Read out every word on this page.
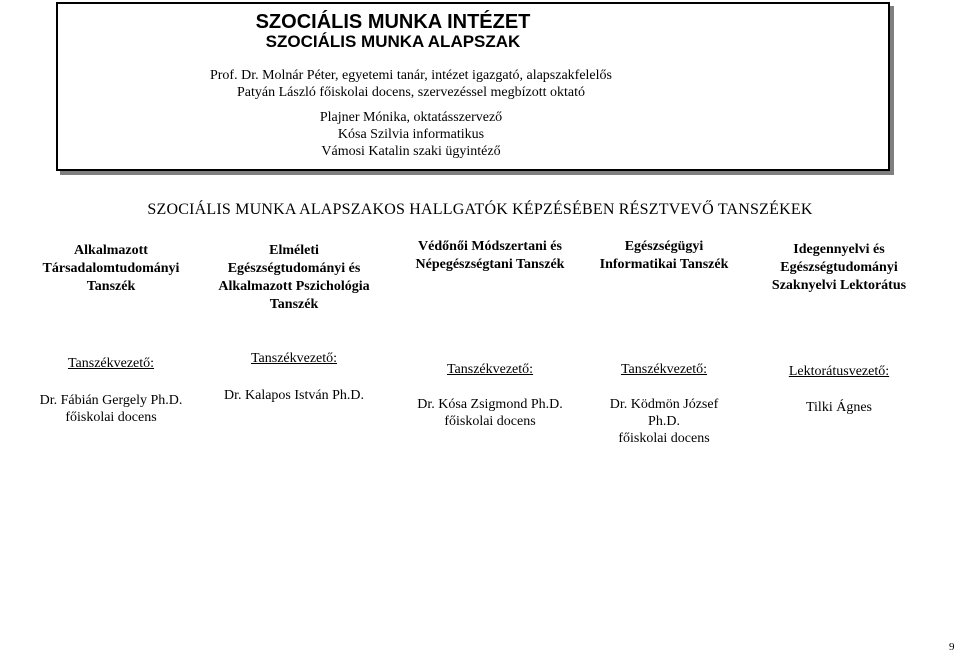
SZOCIÁLIS MUNKA INTÉZET
SZOCIÁLIS MUNKA ALAPSZAK
Prof. Dr. Molnár Péter, egyetemi tanár, intézet igazgató, alapszakfelelős
Patyán László főiskolai docens, szervezéssel megbízott oktató
Plajner Mónika, oktatásszervező
Kósa Szilvia informatikus
Vámosi Katalin szaki ügyintéző
SZOCIÁLIS MUNKA ALAPSZAKOS HALLGATÓK KÉPZÉSÉBEN RÉSZTVEVŐ TANSZÉKEK
Alkalmazott
Társadalomtudományi
Tanszék
Tanszékvezető:
Dr. Fábián Gergely Ph.D.
főiskolai docens
Elméleti
Egészségtudományi és
Alkalmazott Pszichológia
Tanszék
Tanszékvezető:
Dr. Kalapos István Ph.D.
Védőnői Módszertani és
Népegészségtani Tanszék
Tanszékvezető:
Dr. Kósa Zsigmond Ph.D.
főiskolai docens
Egészségügyi
Informatikai Tanszék
Tanszékvezető:
Dr. Ködmön József
Ph.D.
főiskolai docens
Idegennyelvi és
Egészségtudományi
Szaknyelvi Lektorátus
Lektorátusvezető:
Tilki Ágnes
9
